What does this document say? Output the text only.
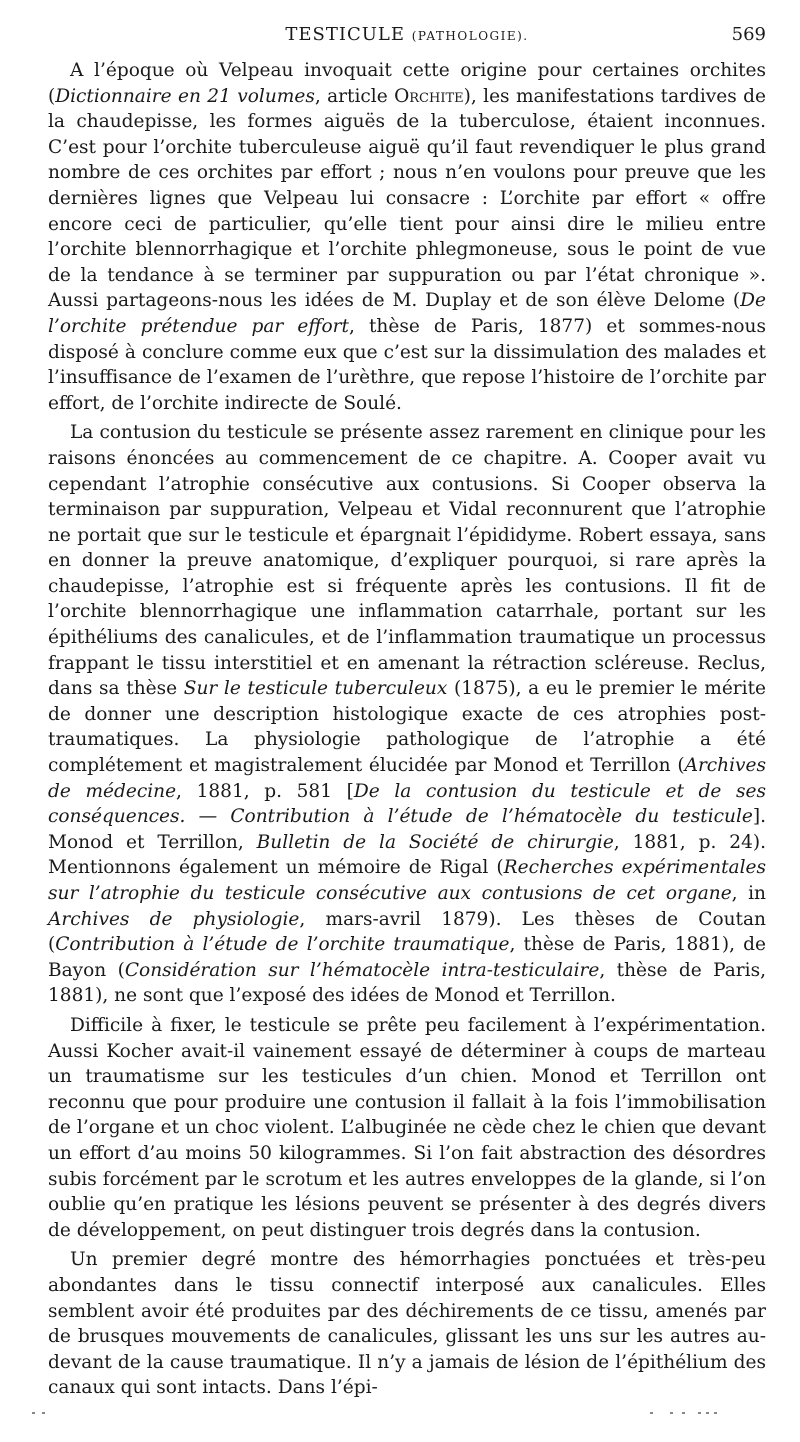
TESTICULE (PATHOLOGIE).	569

A l’époque où Velpeau invoquait cette origine pour certaines orchites (Dictionnaire en 21 volumes, article Orchite), les manifestations tardives de la chaudepisse, les formes aiguës de la tuberculose, étaient inconnues. C’est pour l’orchite tuberculeuse aiguë qu’il faut revendiquer le plus grand nombre de ces orchites par effort ; nous n’en voulons pour preuve que les dernières lignes que Velpeau lui consacre : L’orchite par effort « offre encore ceci de particulier, qu’elle tient pour ainsi dire le milieu entre l’orchite blennorrhagique et l’orchite phlegmoneuse, sous le point de vue de la tendance à se terminer par suppuration ou par l’état chronique ». Aussi partageons-nous les idées de M. Duplay et de son élève Delome (De l’orchite prétendue par effort, thèse de Paris, 1877) et sommes-nous disposé à conclure comme eux que c’est sur la dissimulation des malades et l’insuffisance de l’examen de l’urèthre, que repose l’histoire de l’orchite par effort, de l’orchite indirecte de Soulé.

La contusion du testicule se présente assez rarement en clinique pour les raisons énoncées au commencement de ce chapitre. A. Cooper avait vu cependant l’atrophie consécutive aux contusions. Si Cooper observa la terminaison par suppuration, Velpeau et Vidal reconnurent que l’atrophie ne portait que sur le testicule et épargnait l’épididyme. Robert essaya, sans en donner la preuve anatomique, d’expliquer pourquoi, si rare après la chaudepisse, l’atrophie est si fréquente après les contusions. Il fit de l’orchite blennorrhagique une inflammation catarrhale, portant sur les épithéliums des canalicules, et de l’inflammation traumatique un processus frappant le tissu interstitiel et en amenant la rétraction scléreuse. Reclus, dans sa thèse Sur le testicule tuberculeux (1875), a eu le premier le mérite de donner une description histologique exacte de ces atrophies post-traumatiques. La physiologie pathologique de l’atrophie a été complétement et magistralement élucidée par Monod et Terrillon (Archives de médecine, 1881, p. 581 [De la contusion du testicule et de ses conséquences. — Contribution à l’étude de l’hématocèle du testicule]. Monod et Terrillon, Bulletin de la Société de chirurgie, 1881, p. 24). Mentionnons également un mémoire de Rigal (Recherches expérimentales sur l’atrophie du testicule consécutive aux contusions de cet organe, in Archives de physiologie, mars-avril 1879). Les thèses de Coutan (Contribution à l’étude de l’orchite traumatique, thèse de Paris, 1881), de Bayon (Considération sur l’hématocèle intra-testiculaire, thèse de Paris, 1881), ne sont que l’exposé des idées de Monod et Terrillon.

Difficile à fixer, le testicule se prête peu facilement à l’expérimentation. Aussi Kocher avait-il vainement essayé de déterminer à coups de marteau un traumatisme sur les testicules d’un chien. Monod et Terrillon ont reconnu que pour produire une contusion il fallait à la fois l’immobilisation de l’organe et un choc violent. L’albuginée ne cède chez le chien que devant un effort d’au moins 50 kilogrammes. Si l’on fait abstraction des désordres subis forcément par le scrotum et les autres enveloppes de la glande, si l’on oublie qu’en pratique les lésions peuvent se présenter à des degrés divers de développement, on peut distinguer trois degrés dans la contusion.

Un premier degré montre des hémorrhagies ponctuées et très-peu abondantes dans le tissu connectif interposé aux canalicules. Elles semblent avoir été produites par des déchirements de ce tissu, amenés par de brusques mouvements de canalicules, glissant les uns sur les autres au-devant de la cause traumatique. Il n’y a jamais de lésion de l’épithélium des canaux qui sont intacts. Dans l’épi-
